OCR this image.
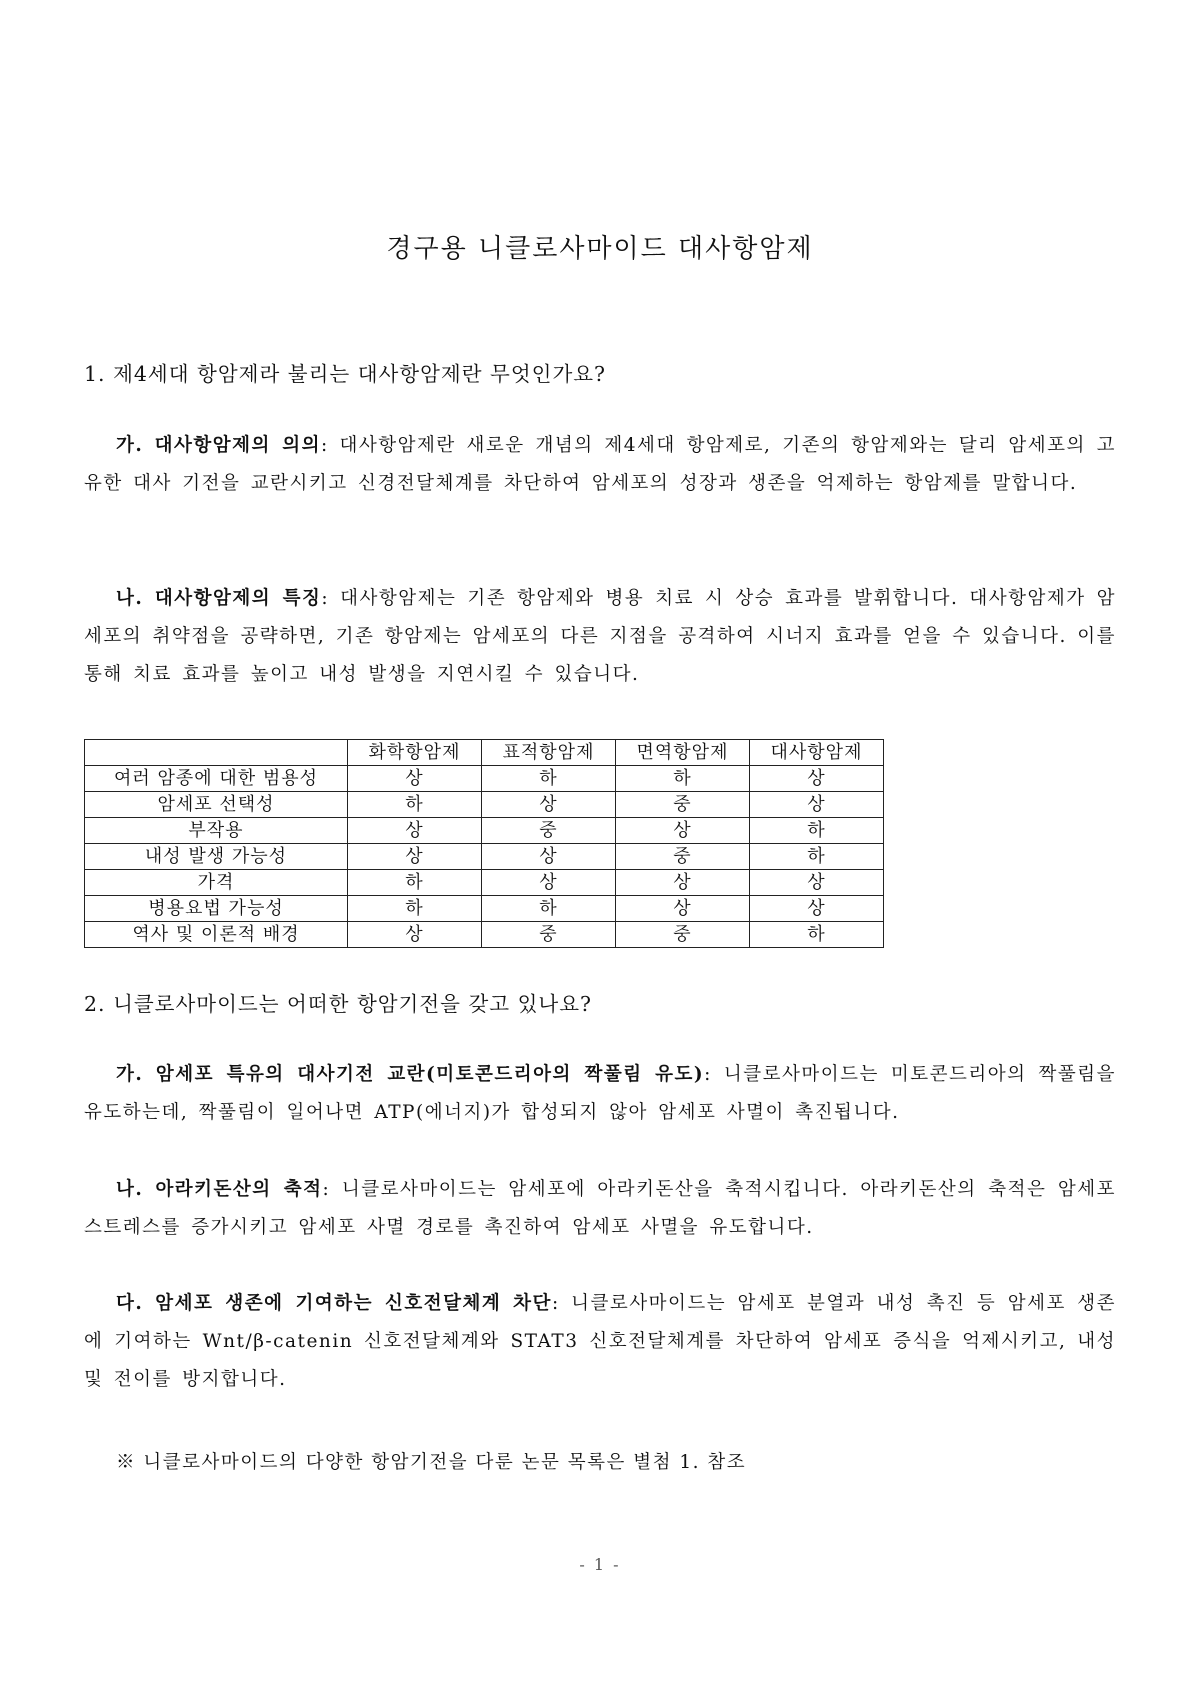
경구용 니클로사마이드 대사항암제
1. 제4세대 항암제라 불리는 대사항암제란 무엇인가요?
가. 대사항암제의 의의: 대사항암제란 새로운 개념의 제4세대 항암제로, 기존의 항암제와는 달리 암세포의 고유한 대사 기전을 교란시키고 신경전달체계를 차단하여 암세포의 성장과 생존을 억제하는 항암제를 말합니다.
나. 대사항암제의 특징: 대사항암제는 기존 항암제와 병용 치료 시 상승 효과를 발휘합니다. 대사항암제가 암세포의 취약점을 공략하면, 기존 항암제는 암세포의 다른 지점을 공격하여 시너지 효과를 얻을 수 있습니다. 이를 통해 치료 효과를 높이고 내성 발생을 지연시킬 수 있습니다.
	화학항암제	표적항암제	면역항암제	대사항암제
여러 암종에 대한 범용성	상	하	하	상
암세포 선택성	하	상	중	상
부작용	상	중	상	하
내성 발생 가능성	상	상	중	하
가격	하	상	상	상
병용요법 가능성	하	하	상	상
역사 및 이론적 배경	상	중	중	하
2. 니클로사마이드는 어떠한 항암기전을 갖고 있나요?
가. 암세포 특유의 대사기전 교란(미토콘드리아의 짝풀림 유도): 니클로사마이드는 미토콘드리아의 짝풀림을 유도하는데, 짝풀림이 일어나면 ATP(에너지)가 합성되지 않아 암세포 사멸이 촉진됩니다.
나. 아라키돈산의 축적: 니클로사마이드는 암세포에 아라키돈산을 축적시킵니다. 아라키돈산의 축적은 암세포 스트레스를 증가시키고 암세포 사멸 경로를 촉진하여 암세포 사멸을 유도합니다.
다. 암세포 생존에 기여하는 신호전달체계 차단: 니클로사마이드는 암세포 분열과 내성 촉진 등 암세포 생존에 기여하는 Wnt/β-catenin 신호전달체계와 STAT3 신호전달체계를 차단하여 암세포 증식을 억제시키고, 내성 및 전이를 방지합니다.
※ 니클로사마이드의 다양한 항암기전을 다룬 논문 목록은 별첨 1. 참조
- 1 -
